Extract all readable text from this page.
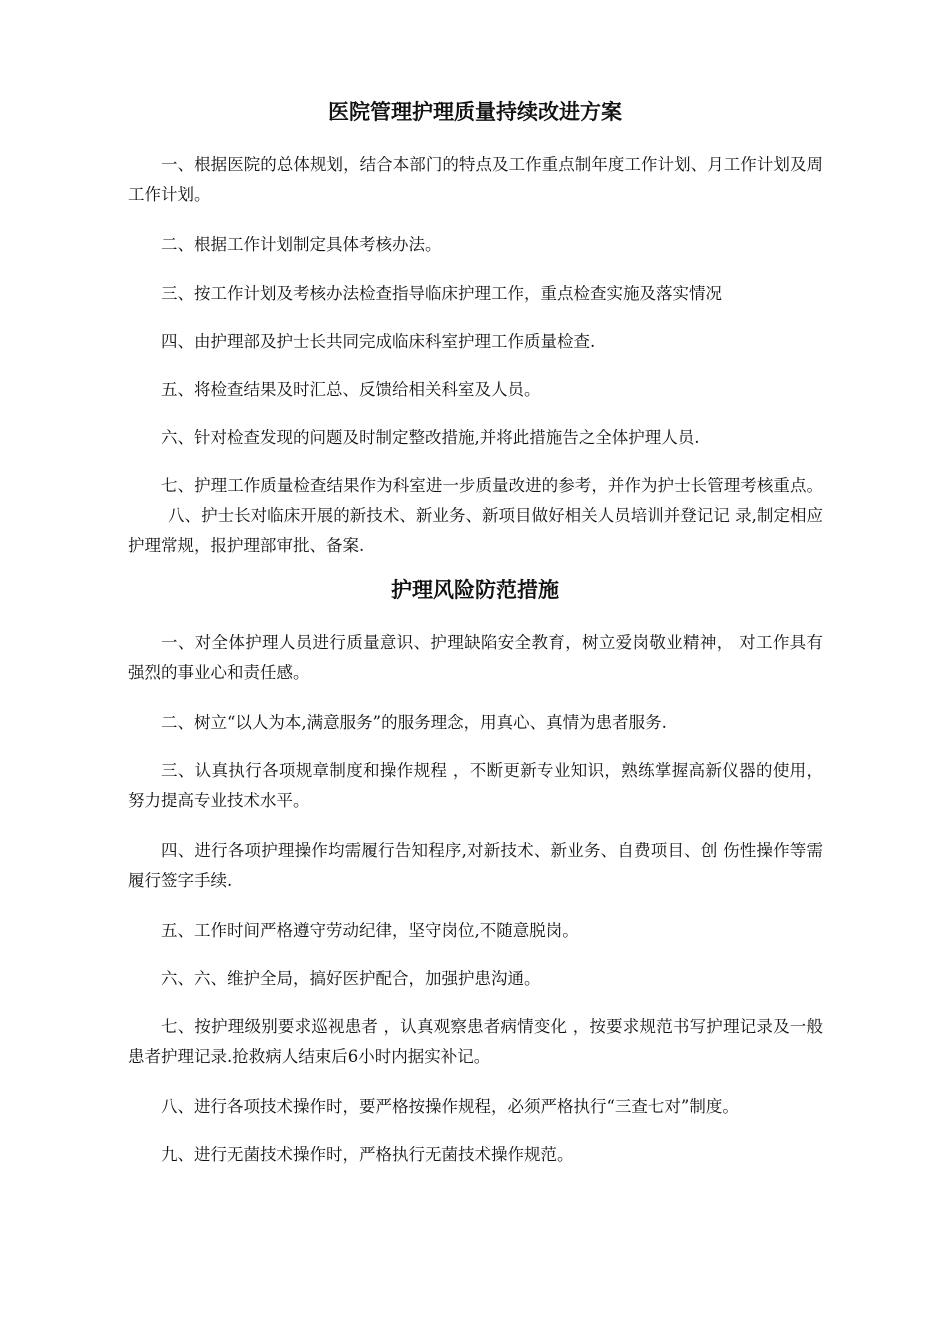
医院管理护理质量持续改进方案

一、根据医院的总体规划，结合本部门的特点及工作重点制年度工作计划、月工作计划及周工作计划。

二、根据工作计划制定具体考核办法。

三、按工作计划及考核办法检查指导临床护理工作，重点检查实施及落实情况

四、由护理部及护士长共同完成临床科室护理工作质量检查.

五、将检查结果及时汇总、反馈给相关科室及人员。

六、针对检查发现的问题及时制定整改措施,并将此措施告之全体护理人员.

七、护理工作质量检查结果作为科室进一步质量改进的参考，并作为护士长管理考核重点。八、护士长对临床开展的新技术、新业务、新项目做好相关人员培训并登记记 录,制定相应护理常规，报护理部审批、备案.

护理风险防范措施

一、对全体护理人员进行质量意识、护理缺陷安全教育，树立爱岗敬业精神， 对工作具有强烈的事业心和责任感。

二、树立“以人为本,满意服务”的服务理念，用真心、真情为患者服务.

三、认真执行各项规章制度和操作规程 ，不断更新专业知识，熟练掌握高新仪器的使用，努力提高专业技术水平。

四、进行各项护理操作均需履行告知程序,对新技术、新业务、自费项目、创 伤性操作等需履行签字手续.

五、工作时间严格遵守劳动纪律，坚守岗位,不随意脱岗。

六、六、维护全局，搞好医护配合，加强护患沟通。

七、按护理级别要求巡视患者 ，认真观察患者病情变化 ，按要求规范书写护理记录及一般患者护理记录.抢救病人结束后6小时内据实补记。

八、进行各项技术操作时，要严格按操作规程，必须严格执行“三查七对”制度。

九、进行无菌技术操作时，严格执行无菌技术操作规范。
